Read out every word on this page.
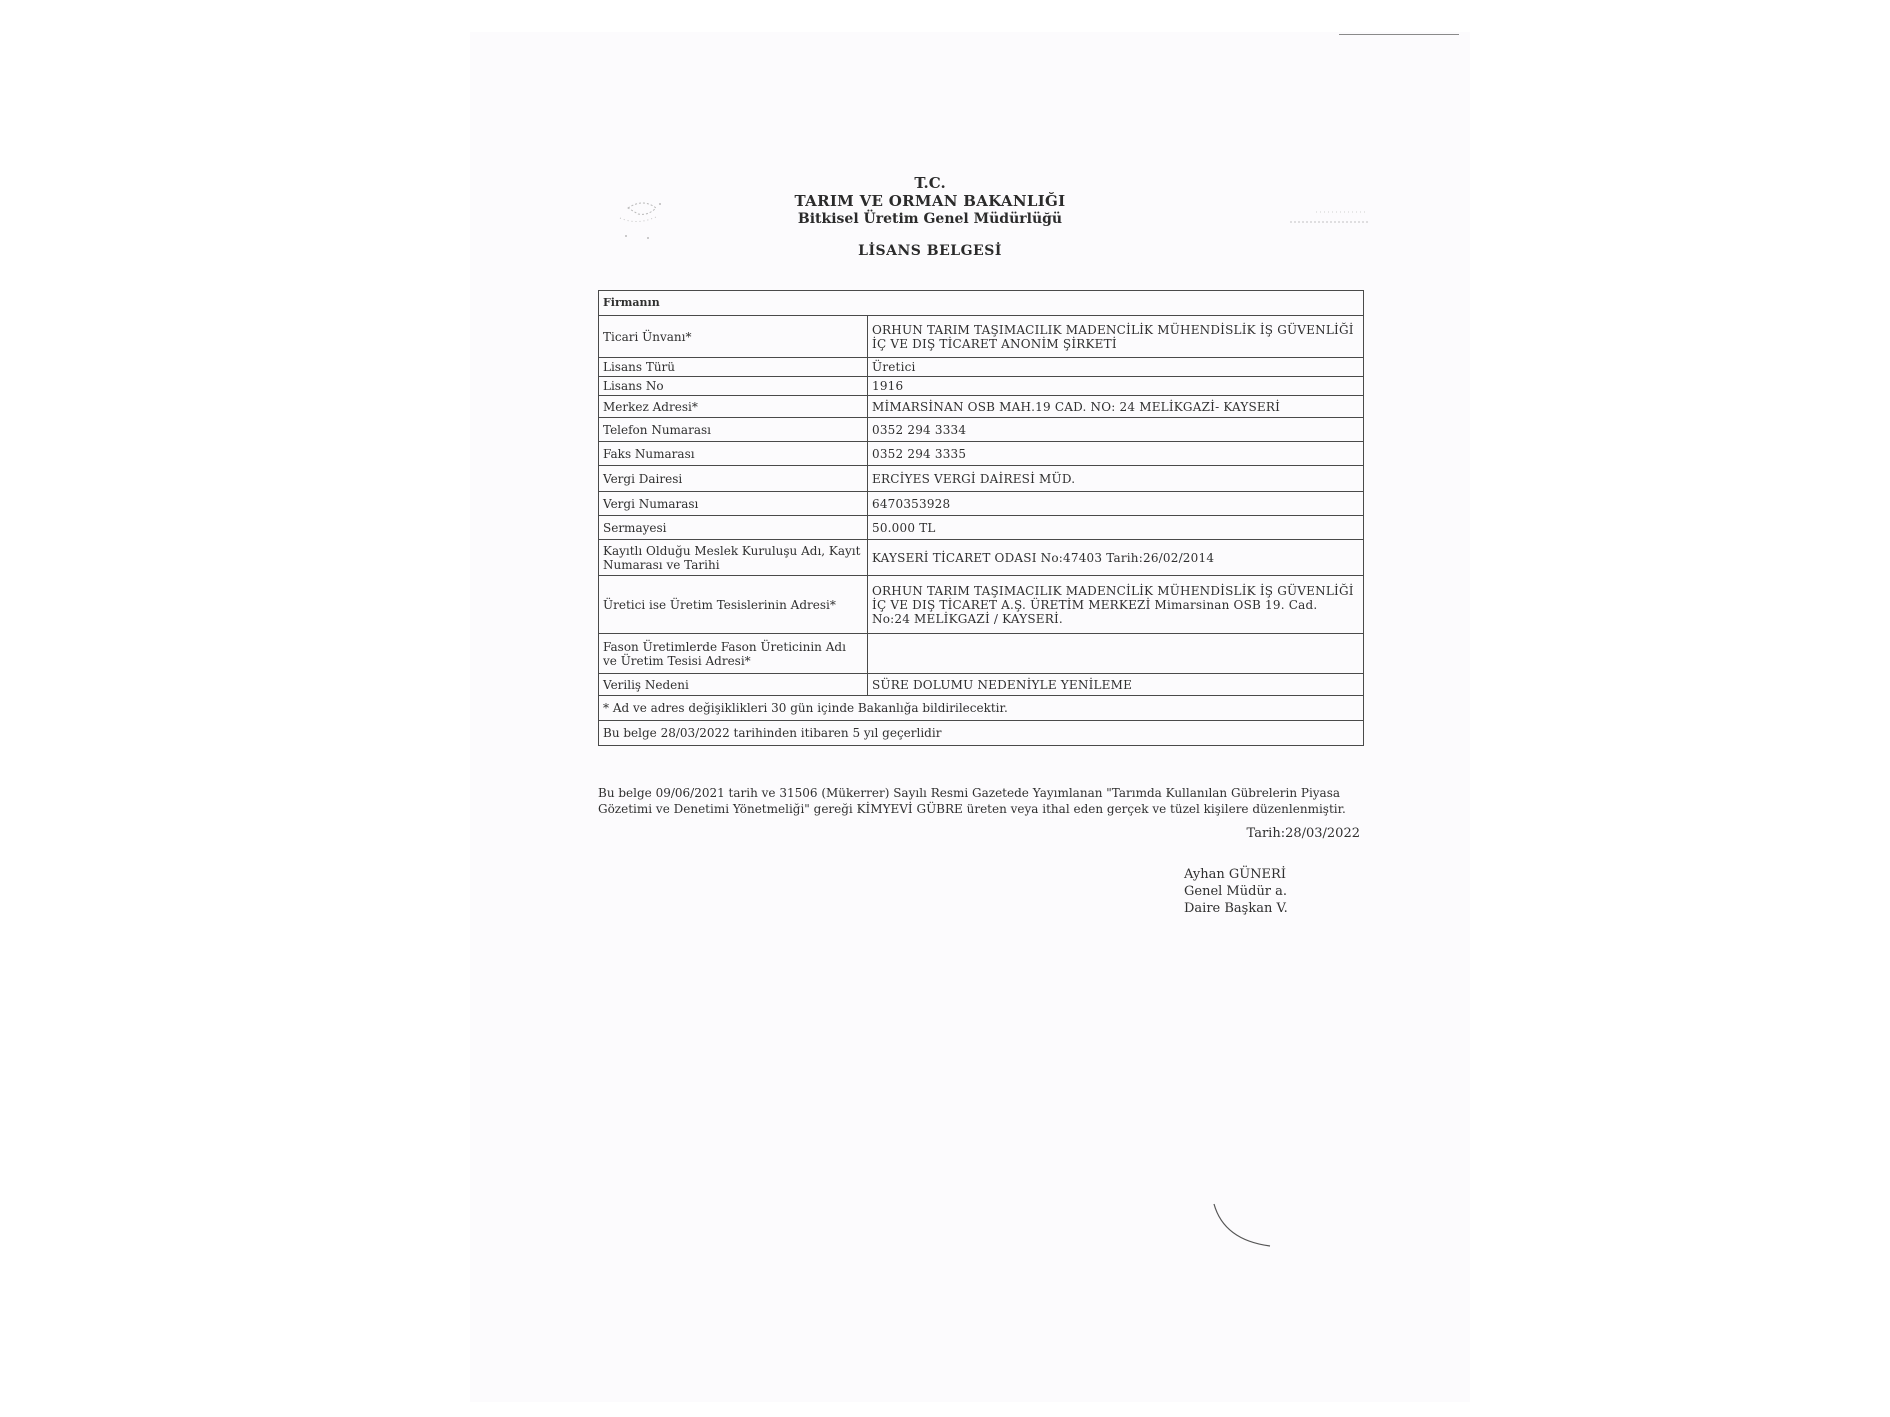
T.C.
TARIM VE ORMAN BAKANLIĞI
Bitkisel Üretim Genel Müdürlüğü
LİSANS BELGESİ
Firmanın	
Ticari Ünvanı*	ORHUN TARIM TAŞIMACILIK MADENCİLİK MÜHENDİSLİK İŞ GÜVENLİĞİ İÇ VE DIŞ TİCARET ANONİM ŞİRKETİ
Lisans Türü	Üretici
Lisans No	1916
Merkez Adresi*	MİMARSİNAN OSB MAH.19 CAD. NO: 24 MELİKGAZİ- KAYSERİ
Telefon Numarası	0352 294 3334
Faks Numarası	0352 294 3335
Vergi Dairesi	ERCİYES VERGİ DAİRESİ MÜD.
Vergi Numarası	6470353928
Sermayesi	50.000 TL
Kayıtlı Olduğu Meslek Kuruluşu Adı, Kayıt Numarası ve Tarihi	KAYSERİ TİCARET ODASI No:47403 Tarih:26/02/2014
Üretici ise Üretim Tesislerinin Adresi*	ORHUN TARIM TAŞIMACILIK MADENCİLİK MÜHENDİSLİK İŞ GÜVENLİĞİ İÇ VE DIŞ TİCARET A.Ş. ÜRETİM MERKEZİ Mimarsinan OSB 19. Cad. No:24 MELİKGAZİ / KAYSERİ.
Fason Üretimlerde Fason Üreticinin Adı ve Üretim Tesisi Adresi*	
Veriliş Nedeni	SÜRE DOLUMU NEDENİYLE YENİLEME
* Ad ve adres değişiklikleri 30 gün içinde Bakanlığa bildirilecektir.	
Bu belge 28/03/2022 tarihinden itibaren 5 yıl geçerlidir	
Bu belge 09/06/2021 tarih ve 31506 (Mükerrer) Sayılı Resmi Gazetede Yayımlanan "Tarımda Kullanılan Gübrelerin Piyasa Gözetimi ve Denetimi Yönetmeliği" gereği KİMYEVİ GÜBRE üreten veya ithal eden gerçek ve tüzel kişilere düzenlenmiştir.
Tarih:28/03/2022
Ayhan GÜNERİ
Genel Müdür a.
Daire Başkan V.
